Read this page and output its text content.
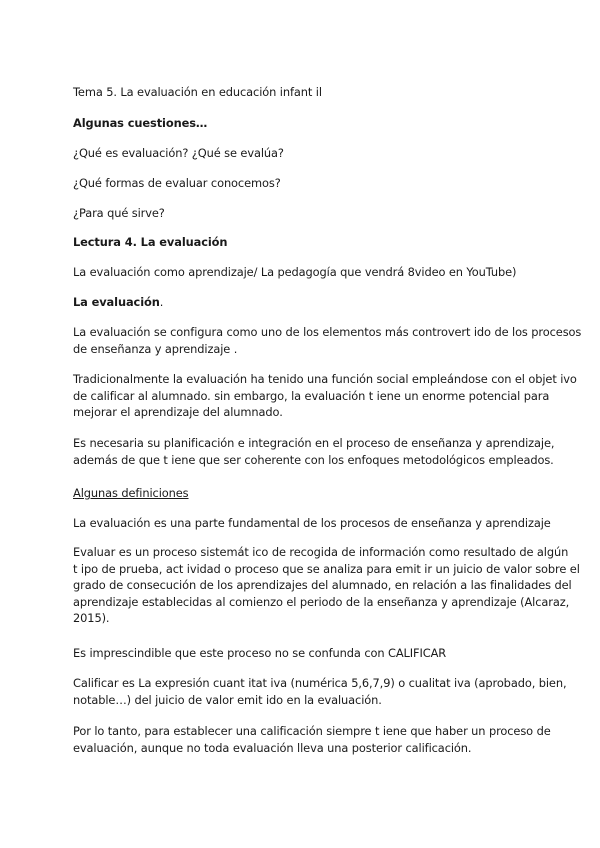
Tema 5. La evaluación en educación infant il

Algunas cuestiones…

¿Qué es evaluación? ¿Qué se evalúa?

¿Qué formas de evaluar conocemos?

¿Para qué sirve?

Lectura 4. La evaluación

La evaluación como aprendizaje/ La pedagogía que vendrá 8video en YouTube)

La evaluación.

La evaluación se configura como uno de los elementos más controvert ido de los procesos

de enseñanza y aprendizaje .

Tradicionalmente la evaluación ha tenido una función social empleándose con el objet ivo

de calificar al alumnado. sin embargo, la evaluación t iene un enorme potencial para

mejorar el aprendizaje del alumnado.

Es necesaria su planificación e integración en el proceso de enseñanza y aprendizaje,

además de que t iene que ser coherente con los enfoques metodológicos empleados.

Algunas definiciones

La evaluación es una parte fundamental de los procesos de enseñanza y aprendizaje

Evaluar es un proceso sistemát ico de recogida de información como resultado de algún

t ipo de prueba, act ividad o proceso que se analiza para emit ir un juicio de valor sobre el

grado de consecución de los aprendizajes del alumnado, en relación a las finalidades del

aprendizaje establecidas al comienzo el periodo de la enseñanza y aprendizaje (Alcaraz,

2015).

Es imprescindible que este proceso no se confunda con CALIFICAR

Calificar es La expresión cuant itat iva (numérica 5,6,7,9) o cualitat iva (aprobado, bien,

notable…) del juicio de valor emit ido en la evaluación.

Por lo tanto, para establecer una calificación siempre t iene que haber un proceso de

evaluación, aunque no toda evaluación lleva una posterior calificación.
